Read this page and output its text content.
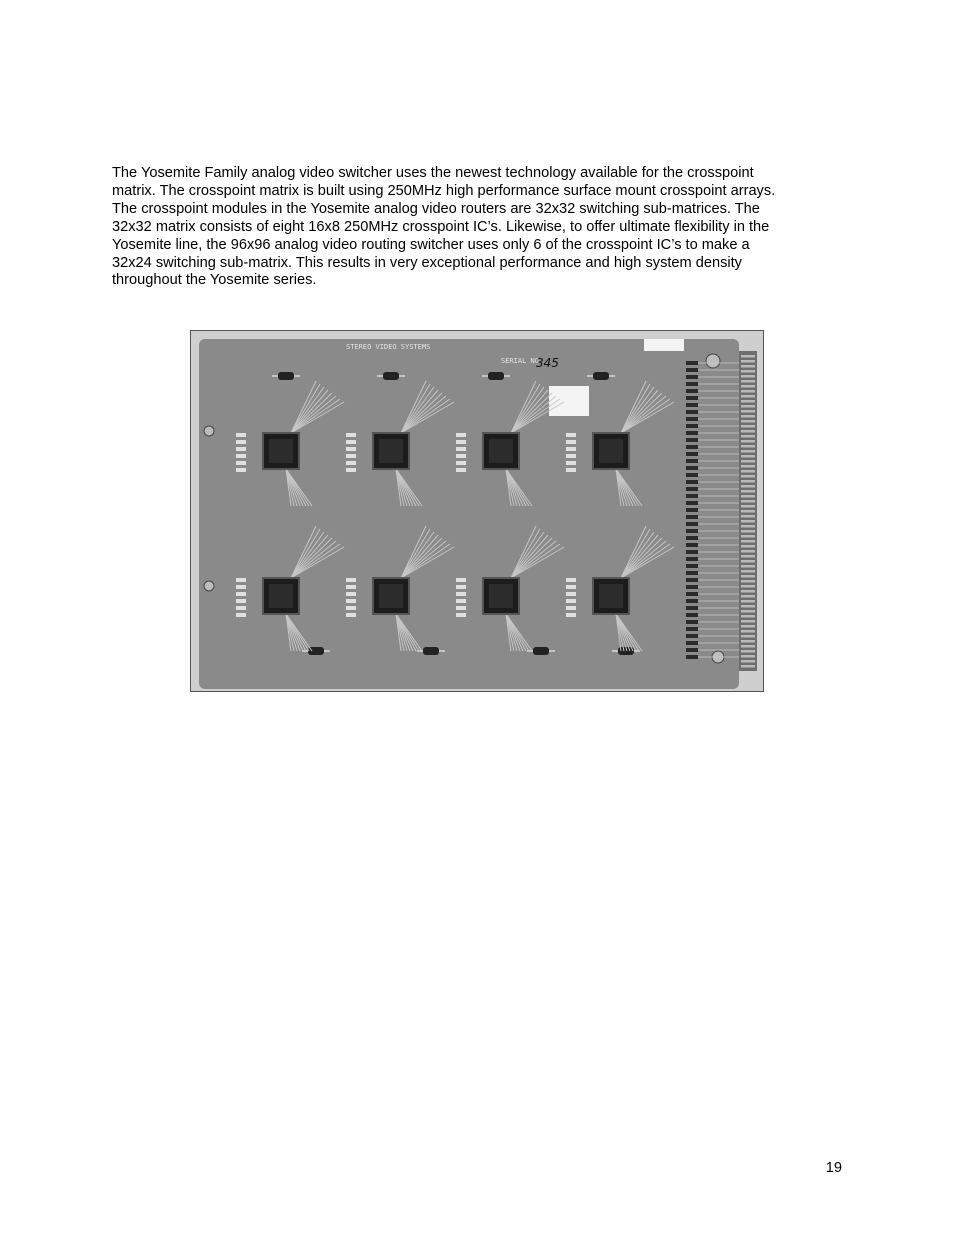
The Yosemite Family analog video switcher uses the newest technology available for the crosspoint
matrix. The crosspoint matrix is built using 250MHz high performance surface mount crosspoint arrays.
The crosspoint modules in the Yosemite analog video routers are 32x32 switching sub-matrices. The
32x32 matrix consists of eight 16x8 250MHz crosspoint IC’s. Likewise, to offer ultimate flexibility in the
Yosemite line, the 96x96 analog video routing switcher uses only 6 of the crosspoint IC’s to make a
32x24 switching sub-matrix. This results in very exceptional performance and high system density
throughout the Yosemite series.
STEREO VIDEO SYSTEMS
SERIAL NO.
345
19
